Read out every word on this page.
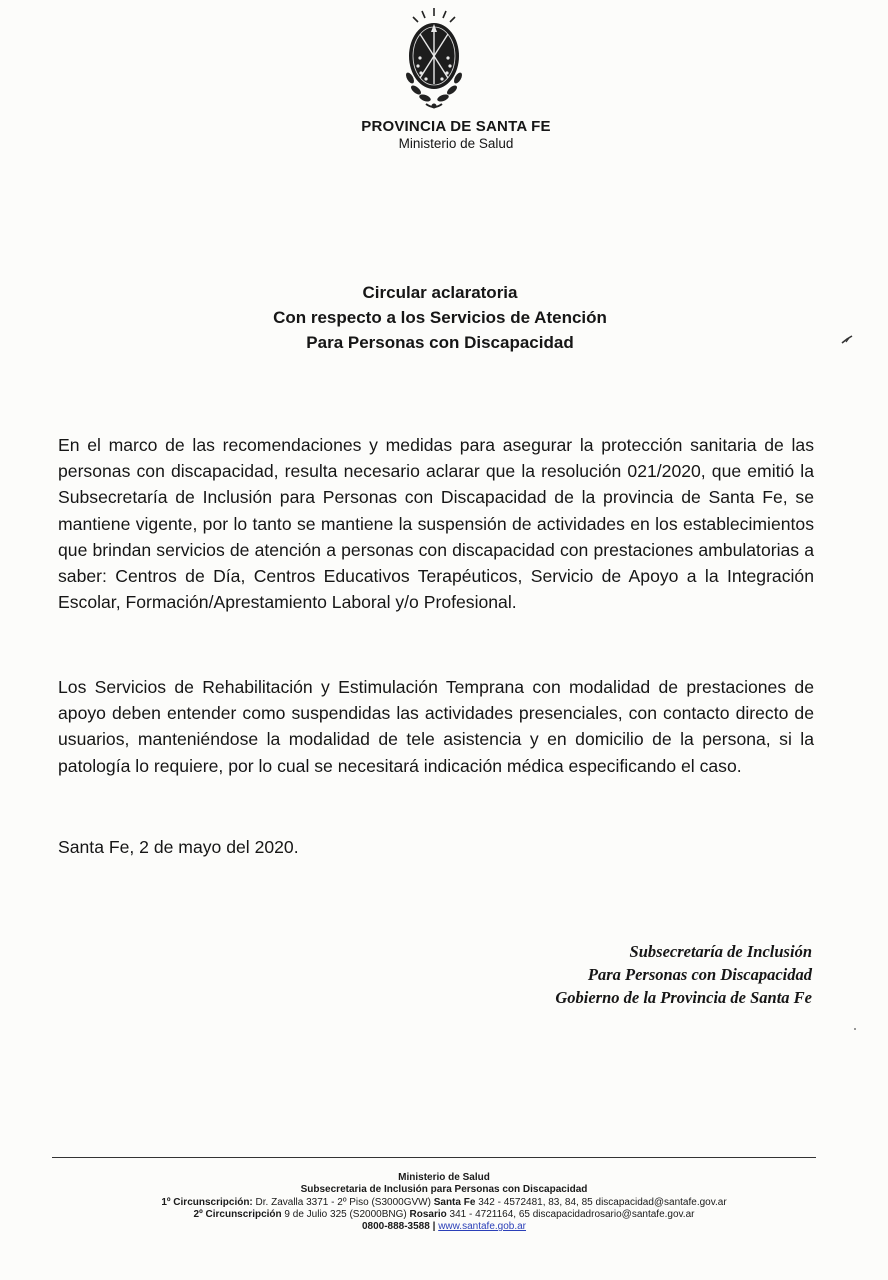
PROVINCIA DE SANTA FE
Ministerio de Salud
Circular aclaratoria
Con respecto a los Servicios de Atención
Para Personas con Discapacidad

En el marco de las recomendaciones y medidas para asegurar la protección sanitaria de las personas con discapacidad, resulta necesario aclarar que la resolución 021/2020, que emitió la Subsecretaría de Inclusión para Personas con Discapacidad de la provincia de Santa Fe, se mantiene vigente, por lo tanto se mantiene la suspensión de actividades en los establecimientos que brindan servicios de atención a personas con discapacidad con prestaciones ambulatorias a saber: Centros de Día, Centros Educativos Terapéuticos, Servicio de Apoyo a la Integración Escolar, Formación/Aprestamiento Laboral y/o Profesional.

Los Servicios de Rehabilitación y Estimulación Temprana con modalidad de prestaciones de apoyo deben entender como suspendidas las actividades presenciales, con contacto directo de usuarios, manteniéndose la modalidad de tele asistencia y en domicilio de la persona, si la patología lo requiere, por lo cual se necesitará indicación médica especificando el caso.

Santa Fe, 2 de mayo del 2020.
Subsecretaría de Inclusión
Para Personas con Discapacidad
Gobierno de la Provincia de Santa Fe
Ministerio de Salud
Subsecretaria de Inclusión para Personas con Discapacidad
1º Circunscripción: Dr. Zavalla 3371 - 2º Piso (S3000GVW) Santa Fe 342 - 4572481, 83, 84, 85 discapacidad@santafe.gov.ar
2º Circunscripción 9 de Julio 325 (S2000BNG) Rosario 341 - 4721164, 65 discapacidadrosario@santafe.gov.ar
0800-888-3588 | www.santafe.gob.ar
